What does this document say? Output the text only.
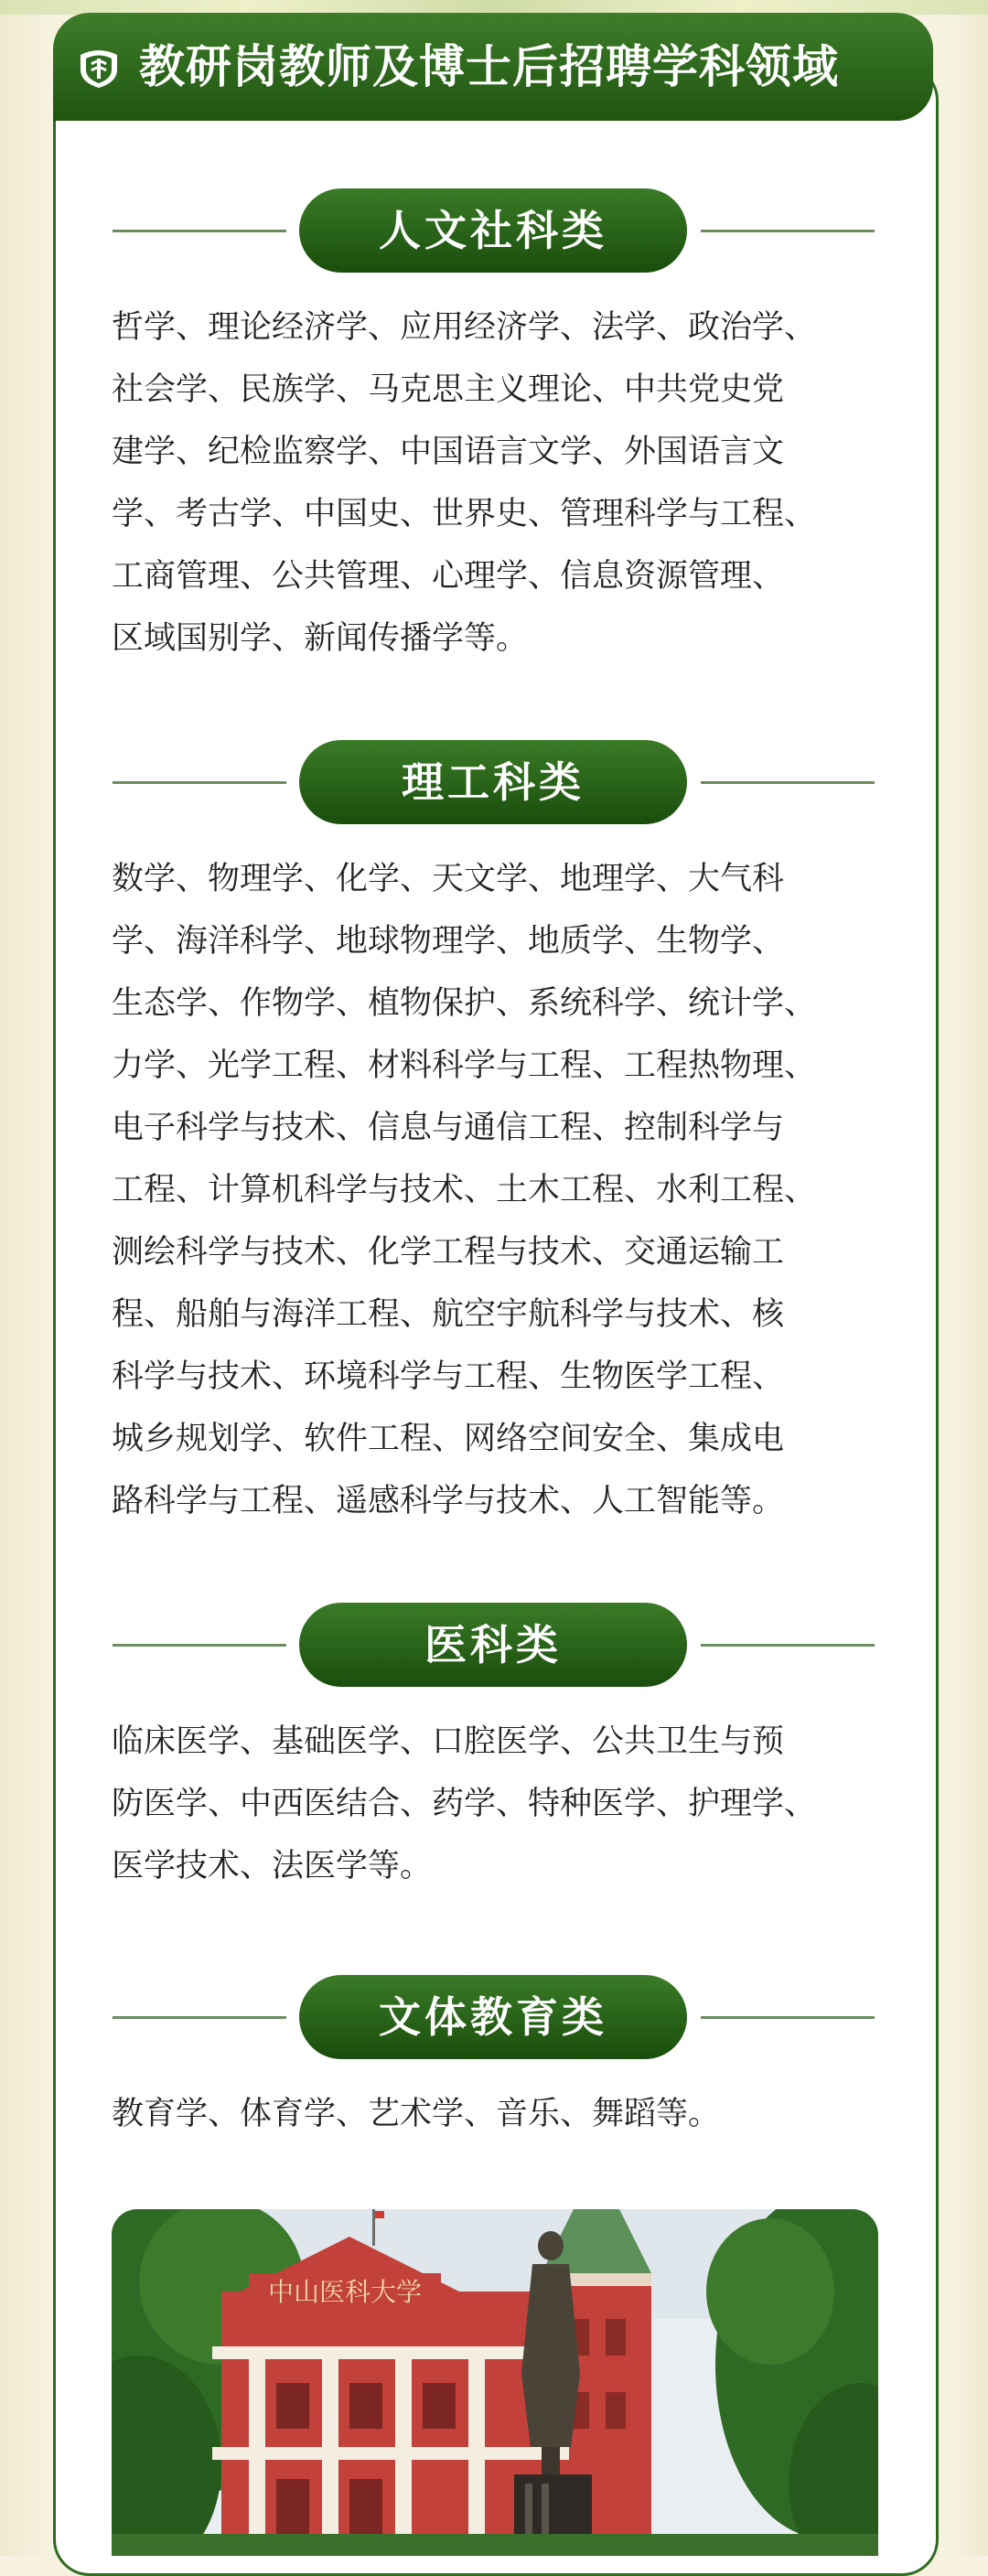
教研岗教师及博士后招聘学科领域
人文社科类
哲学、理论经济学、应用经济学、法学、政治学、
社会学、民族学、马克思主义理论、中共党史党
建学、纪检监察学、中国语言文学、外国语言文
学、考古学、中国史、世界史、管理科学与工程、
工商管理、公共管理、心理学、信息资源管理、
区域国别学、新闻传播学等。
理工科类
数学、物理学、化学、天文学、地理学、大气科
学、海洋科学、地球物理学、地质学、生物学、
生态学、作物学、植物保护、系统科学、统计学、
力学、光学工程、材料科学与工程、工程热物理、
电子科学与技术、信息与通信工程、控制科学与
工程、计算机科学与技术、土木工程、水利工程、
测绘科学与技术、化学工程与技术、交通运输工
程、船舶与海洋工程、航空宇航科学与技术、核
科学与技术、环境科学与工程、生物医学工程、
城乡规划学、软件工程、网络空间安全、集成电
路科学与工程、遥感科学与技术、人工智能等。
医科类
临床医学、基础医学、口腔医学、公共卫生与预
防医学、中西医结合、药学、特种医学、护理学、
医学技术、法医学等。
文体教育类
教育学、体育学、艺术学、音乐、舞蹈等。
中山医科大学
